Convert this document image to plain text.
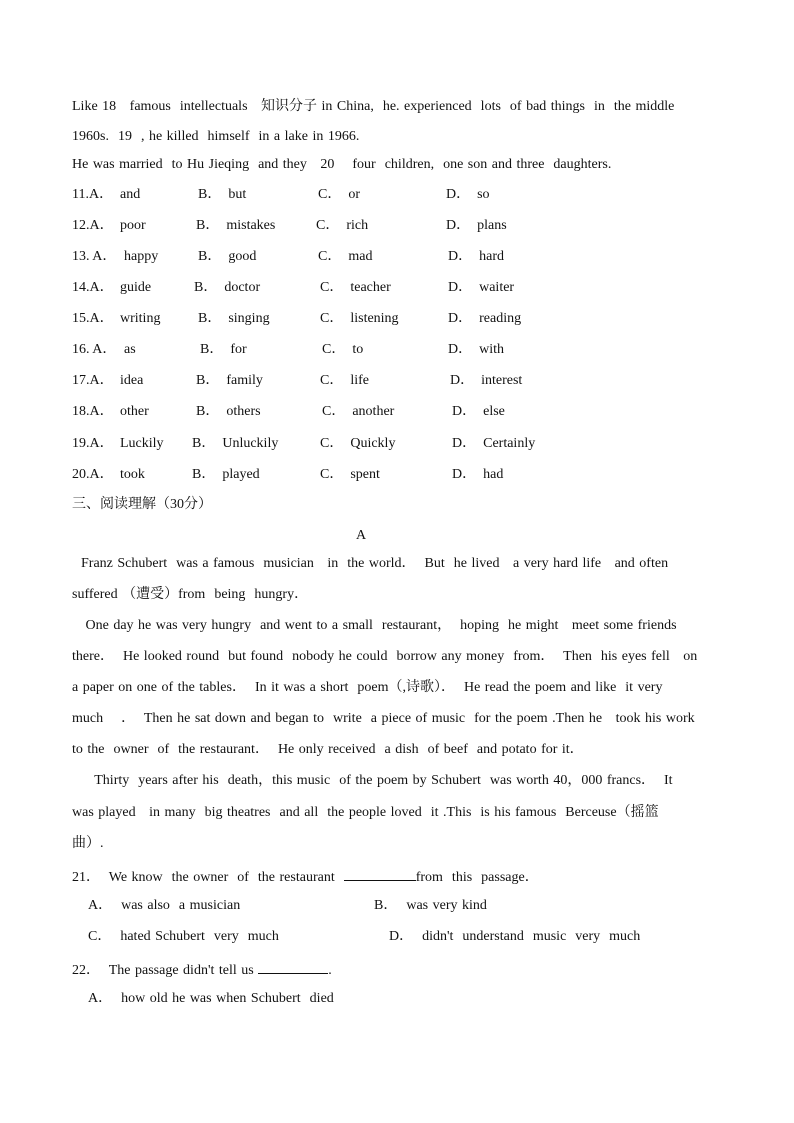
Like 18   famous  intellectuals   知识分子 in China,  he. experienced  lots  of bad things  in  the middle
1960s.  19  , he killed  himself  in a lake in 1966.
He was married  to Hu Jieqing  and they   20    four  children,  one son and three  daughters.
11.A． and	B．  but	C．  or	D．  so
12.A． poor	B．  mistakes	C．  rich	D．  plans
13. A． happy	B．  good	C．  mad	D．  hard
14.A． guide	B．  doctor	C．  teacher	D．  waiter
15.A． writing	B．  singing	C．  listening	D．  reading
16. A． as	B．  for	C．  to	D．  with
17.A． idea	B．  family	C．  life	D．  interest
18.A． other	B．  others	C．  another	D．  else
19.A． Luckily B．  Unluckily	C．  Quickly	D．  Certainly
20.A． took	B．  played	C．  spent	D．  had
三、阅读理解（30分）
A
Franz Schubert  was a famous  musician   in  the world．  But  he lived   a very hard life   and often
suffered （遭受）from  being  hungry．
One day he was very hungry  and went to a small  restaurant，  hoping  he might   meet some friends
there．  He looked round  but found  nobody he could  borrow any money  from．  Then  his eyes fell   on
a paper on one of the tables．  In it was a short  poem（,诗歌）．  He read the poem and like  it very
much    ．  Then he sat down and began to  write  a piece of music  for the poem .Then he   took his work
to the  owner  of  the restaurant．  He only received  a dish  of beef  and potato for it．
Thirty  years after his  death，this music  of the poem by Schubert  was worth 40，000 francs．  It
was played   in many  big theatres  and all  the people loved  it .This  is his famous  Berceuse（摇篮
曲）.
21．  We know  the owner  of  the restaurant	from  this  passage．
A．  was also  a musician	B．  was very kind
C．  hated Schubert  very  much	D．  didn't  understand  music  very  much
22．  The passage didn't tell us	.
A．  how old he was when Schubert  died
